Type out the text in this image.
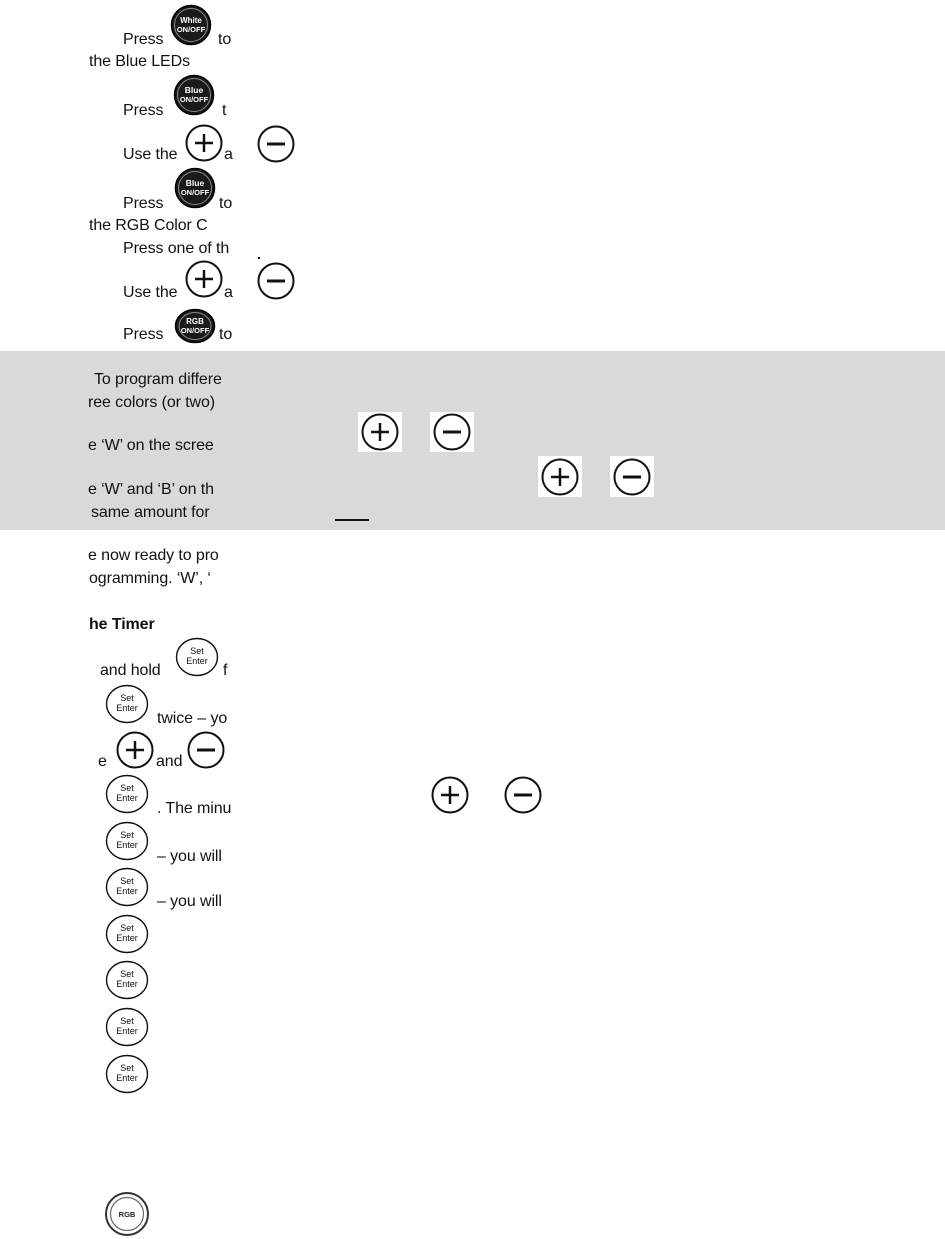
Press	to
the Blue LEDs
Press	t
Use the	a
Press	to
the RGB Color C
Press one of th
Use the	a
Press	to
To program differe
ree colors (or two)
e ‘W’ on the scree
e ‘W’ and ‘B’ on th
same amount for
e now ready to pro
ogramming. ‘W’, ‘
he Timer
and hold	f
twice – yo
e	and
. The minu
– you will
– you will
White
ON/OFF
Blue
ON/OFF
Blue
ON/OFF
RGB
ON/OFF
Set
Enter
Set
Enter
Set
Enter
Set
Enter
Set
Enter
Set
Enter
Set
Enter
Set
Enter
Set
Enter
RGB
